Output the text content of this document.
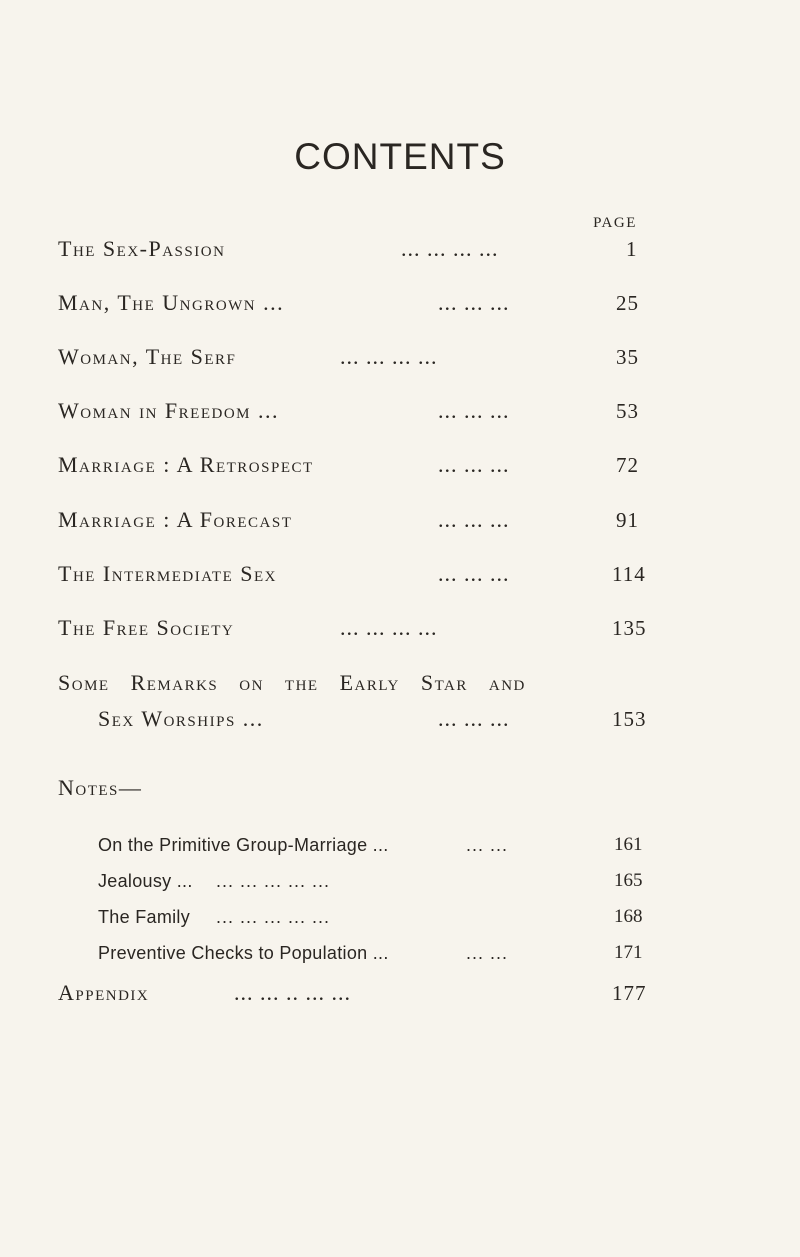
CONTENTS
PAGE
The Sex-Passion	... ... ... ...	1
Man, The Ungrown ...	... ... ...	25
Woman, The Serf	... ... ... ...	35
Woman in Freedom ...	... ... ...	53
Marriage : A Retrospect	... ... ...	72
Marriage : A Forecast	... ... ...	91
The Intermediate Sex	... ... ...	114
The Free Society	... ... ... ...	135
Some Remarks on the Early Star and
Sex Worships ...	... ... ...	153
Notes—
On the Primitive Group-Marriage ...	... ...	161
Jealousy ... ... ... ... ... ...	165
The Family ... ... ... ... ...	168
Preventive Checks to Population ...	... ...	171
Appendix	... ... .. ... ...	177
